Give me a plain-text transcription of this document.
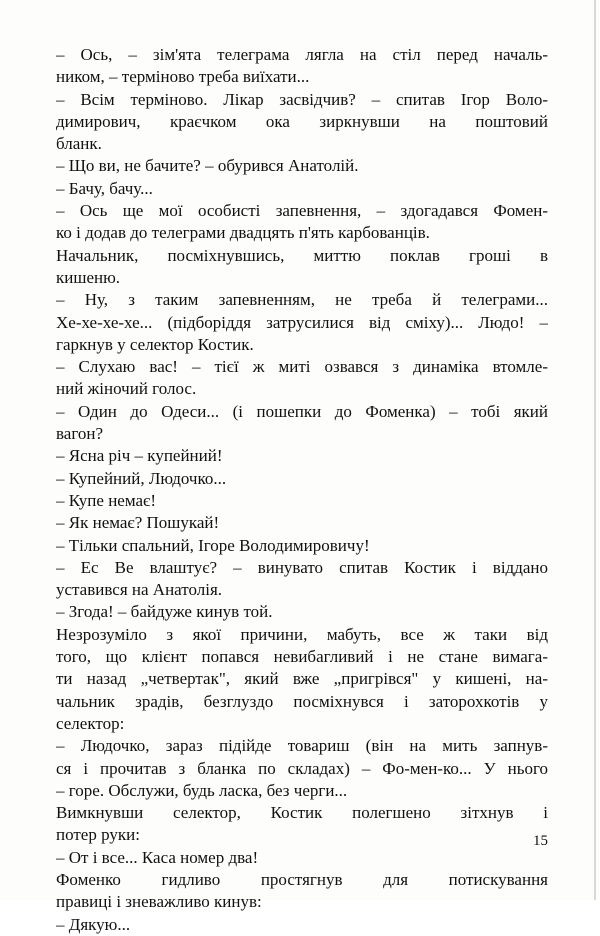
– Ось, – зім'ята телеграма лягла на стіл перед началь-
ником, – терміново треба виїхати...
– Всім терміново. Лікар засвідчив? – спитав Ігор Воло-
димирович, краєчком ока зиркнувши на поштовий
бланк.
– Що ви, не бачите? – обурився Анатолій.
– Бачу, бачу...
– Ось ще мої особисті запевнення, – здогадався Фомен-
ко і додав до телеграми двадцять п'ять карбованців.
Начальник, посміхнувшись, миттю поклав гроші в
кишеню.
– Ну, з таким запевненням, не треба й телеграми...
Хе-хе-хе-хе... (підборіддя затрусилися від сміху)... Людо! –
гаркнув у селектор Костик.
– Слухаю вас! – тієї ж миті озвався з динаміка втомле-
ний жіночий голос.
– Один до Одеси... (і пошепки до Фоменка) – тобі який
вагон?
– Ясна річ – купейний!
– Купейний, Людочко...
– Купе немає!
– Як немає? Пошукай!
– Тільки спальний, Ігоре Володимировичу!
– Ес Ве влаштує? – винувато спитав Костик і віддано
уставився на Анатолія.
– Згода! – байдуже кинув той.
Незрозуміло з якої причини, мабуть, все ж таки від
того, що клієнт попався невибагливий і не стане вимага-
ти назад „четвертак", який вже „пригрівся" у кишені, на-
чальник зрадів, безглуздо посміхнувся і заторохкотів у
селектор:
– Людочко, зараз підійде товариш (він на мить запнув-
ся і прочитав з бланка по складах) – Фо-мен-ко... У нього
– горе. Обслужи, будь ласка, без черги...
Вимкнувши селектор, Костик полегшено зітхнув і
потер руки:
– От і все... Каса номер два!
Фоменко гидливо простягнув для потискування
правиці і зневажливо кинув:
– Дякую...
15
